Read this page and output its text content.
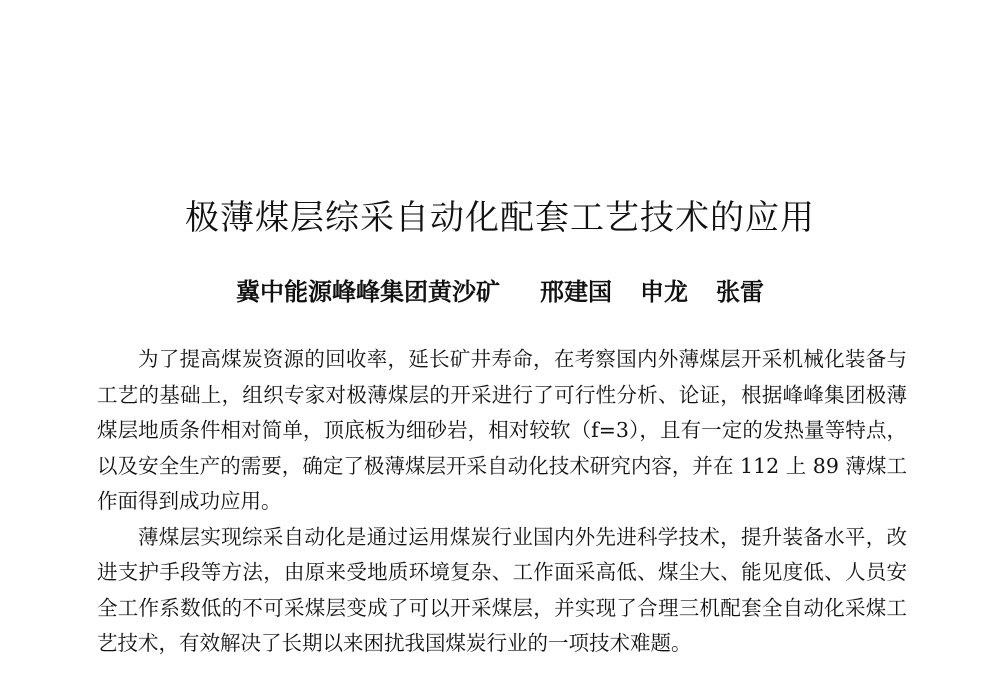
极薄煤层综采自动化配套工艺技术的应用
冀中能源峰峰集团黄沙矿 邢建国 申龙 张雷

为了提高煤炭资源的回收率，延长矿井寿命，在考察国内外薄煤层开采机械化装备与工艺的基础上，组织专家对极薄煤层的开采进行了可行性分析、论证，根据峰峰集团极薄煤层地质条件相对简单，顶底板为细砂岩，相对较软（f=3），且有一定的发热量等特点，以及安全生产的需要，确定了极薄煤层开采自动化技术研究内容，并在 112 上 89 薄煤工作面得到成功应用。

薄煤层实现综采自动化是通过运用煤炭行业国内外先进科学技术，提升装备水平，改进支护手段等方法，由原来受地质环境复杂、工作面采高低、煤尘大、能见度低、人员安全工作系数低的不可采煤层变成了可以开采煤层，并实现了合理三机配套全自动化采煤工艺技术，有效解决了长期以来困扰我国煤炭行业的一项技术难题。
